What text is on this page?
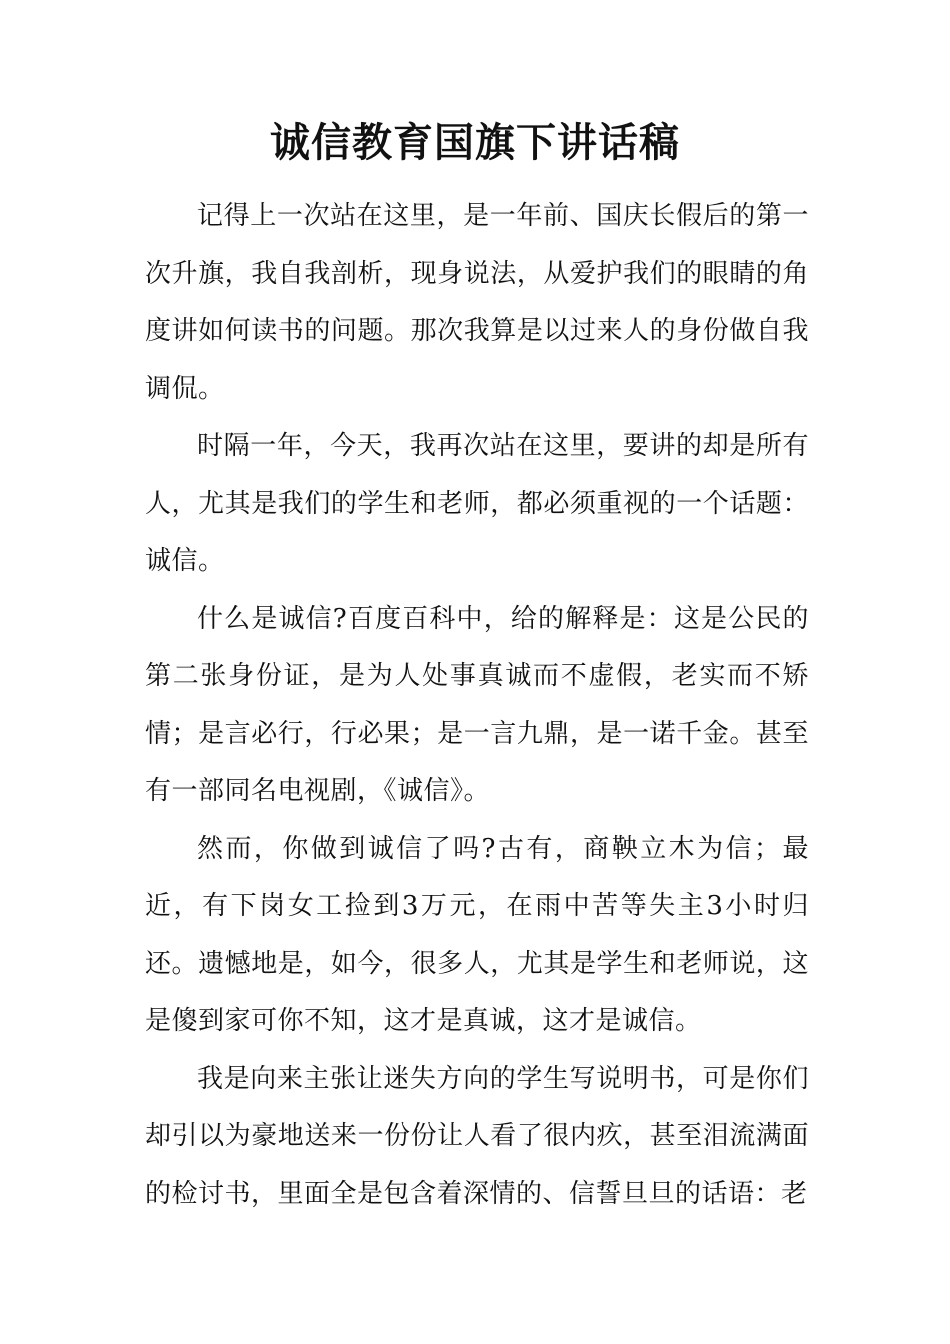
诚信教育国旗下讲话稿

记得上一次站在这里，是一年前、国庆长假后的第一次升旗，我自我剖析，现身说法，从爱护我们的眼睛的角度讲如何读书的问题。那次我算是以过来人的身份做自我调侃。

时隔一年，今天，我再次站在这里，要讲的却是所有人，尤其是我们的学生和老师，都必须重视的一个话题：诚信。

什么是诚信?百度百科中，给的解释是：这是公民的第二张身份证，是为人处事真诚而不虚假，老实而不矫情；是言必行，行必果；是一言九鼎，是一诺千金。甚至有一部同名电视剧，《诚信》。

然而，你做到诚信了吗?古有，商鞅立木为信；最近，有下岗女工捡到3万元，在雨中苦等失主3小时归还。遗憾地是，如今，很多人，尤其是学生和老师说，这是傻到家可你不知，这才是真诚，这才是诚信。

我是向来主张让迷失方向的学生写说明书，可是你们却引以为豪地送来一份份让人看了很内疚，甚至泪流满面的检讨书，里面全是包含着深情的、信誓旦旦的话语：老
